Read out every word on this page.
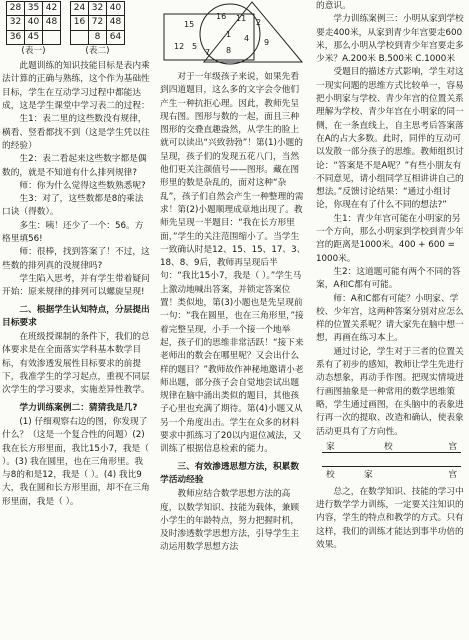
28	35	42
32	40	48
36	45	
(表一)
24	32	40
16	72	48
	8	64
(表二)

此题训练的知识技能目标是表内乘法计算的正确与熟练，这个作为基础性目标，学生在互动学习过程中都能达成，这是学生课堂中学习表二的过程：

生1：表二里的这些数没有规律，横看、竖看都找不到（这是学生凭以往的经验）

生2：表二看起来这些数字都是偶数的，就是不知道有什么排列规律?

师：你为什么觉得这些数熟悉呢?

生3：对了，这些数都是8的乘法口诀（得数）。

多生：咦！还少了一个：56。方格里填56!

师：很棒，找到答案了！不过，这些数的排列真的没规律吗?

学生陷入思考，并有学生带着疑问开始：原来规律的排列可以螺旋呈现!

二、根据学生认知特点，分层提出目标要求

在班级授课制的条件下，我们的总体要求是在全面落实学科基本数学目标，有效渗透发展性目标要求的前提下，我准学生的学习起点，重视不同层次学生的学习要求，实施差异性教学。

学力训练案例二：猜猜我是几?

(1) 仔细观察右边的图，你发现了什么？（这是一个复合性的问题）(2) 我在长方形里面，我比15小7，我是（ ）。(3) 我在圆里，也在三角形里。我与8的和是12，我是（ ）。(4) 我比9大，我在圆和长方形里面，却不在三角形里面，我是（ ）。

12 5
15
7
16 11
1
8
4
2
9

对于一年级孩子来说，如果先看到四道题目，这么多的文字会令他们产生一种抗拒心理。因此，教师先呈现右图。图形与数的一起，面且三种图形的交叠直趣盎然，从学生的脸上就可以读出“兴致勃勃”！第(1)小题的呈现，孩子们的发现五花八门，当然他们更关注颜值号——图形。藏在图形里的数是杂乱的，面对这种“杂乱”，孩子们自然会产生一种整理的需求！第(2)小题顺理成章地出现了。教师先呈现一半题目：“我在长方形里面，”学生的关注范围缩小了。当学生一致确认时是12、15、15、17、3、18、8、9后，教师再呈现后半句：“我比15小7，我是（ ）。”学生马上激动地喊出答案，并锁定答案位置！类似地，第(3)小题也是先呈现前一句：“我在圆里，也在三角形里，”接着完整呈现，小手一个接一个地举起，孩子们的思维非常活跃！“接下来老师出的数会在哪里呢？又会出什么样的题目？”教师故作神秘地邀请小老师出题，部分孩子会自觉地尝试出题规律在脑中涌出类似的题目，其他孩子心里也充满了期待。第(4)小题又从另一个角度出击。学生在众多的材料要求中抓练习了20以内退位减法，又训练了根据信息检索的能力。

三、有效渗透思想方法，积累数学活动经验

教师应结合数学思想方法的高度，以数学知识、技能为载体，兼顾小学生的年龄特点，努力把握时机，及时渗透数学思想方法，引导学生主动运用数学思想方法

的意识。

学力训练案例三：小明从家到学校要走400米，从家到青少年宫要走600米，那么小明从学校到青少年宫要走多少米？A.200米 B.500米 C.1000米

受题目的描述方式影响，学生对这一现实问题的思维方式比较单一，容易把小明家与学校、青少年宫的位置关系理解为学校、青少年宫在小明家的同一侧，在一条直线上，自主思考后答案落在A的占大多数。此时，同伴的互动可以发散一部分孩子的思维。教师组织讨论：“答案是不是A呢？”有些小朋友有不同意见，请小组同学互相讲讲自己的想法。”反馈讨论结果：“通过小组讨论，你现在有了什么不同的想法?”

生1：青少年宫可能在小明家的另一个方向，那么小明家到学校到青少年宫的距离是1000米。400 + 600 = 1000米。

生2：这道题可能有两个不同的答案，A和C都有可能。

师：A和C都有可能？小明家、学校、少年宫，这两种答案分别对应怎么样的位置关系呢？请大家先在脑中想一想，再画在练习本上。

通过讨论，学生对于三者的位置关系有了初步的感知，教师让学生先进行动态想象，再动手作图。把现实情境进行画图抽象是一种常用的数学思维策略，学生通过画图，在头脑中的表象进行再一次的提取、改造和确认，使表象活动更具有了方向性。

家	校	宫
校	家	宫

总之，在数学知识、技能的学习中进行数学学力训练，一定要关注知识的内容，学生的特点和教学的方式。只有这样，我们的训练才能达到事半功倍的效果。
